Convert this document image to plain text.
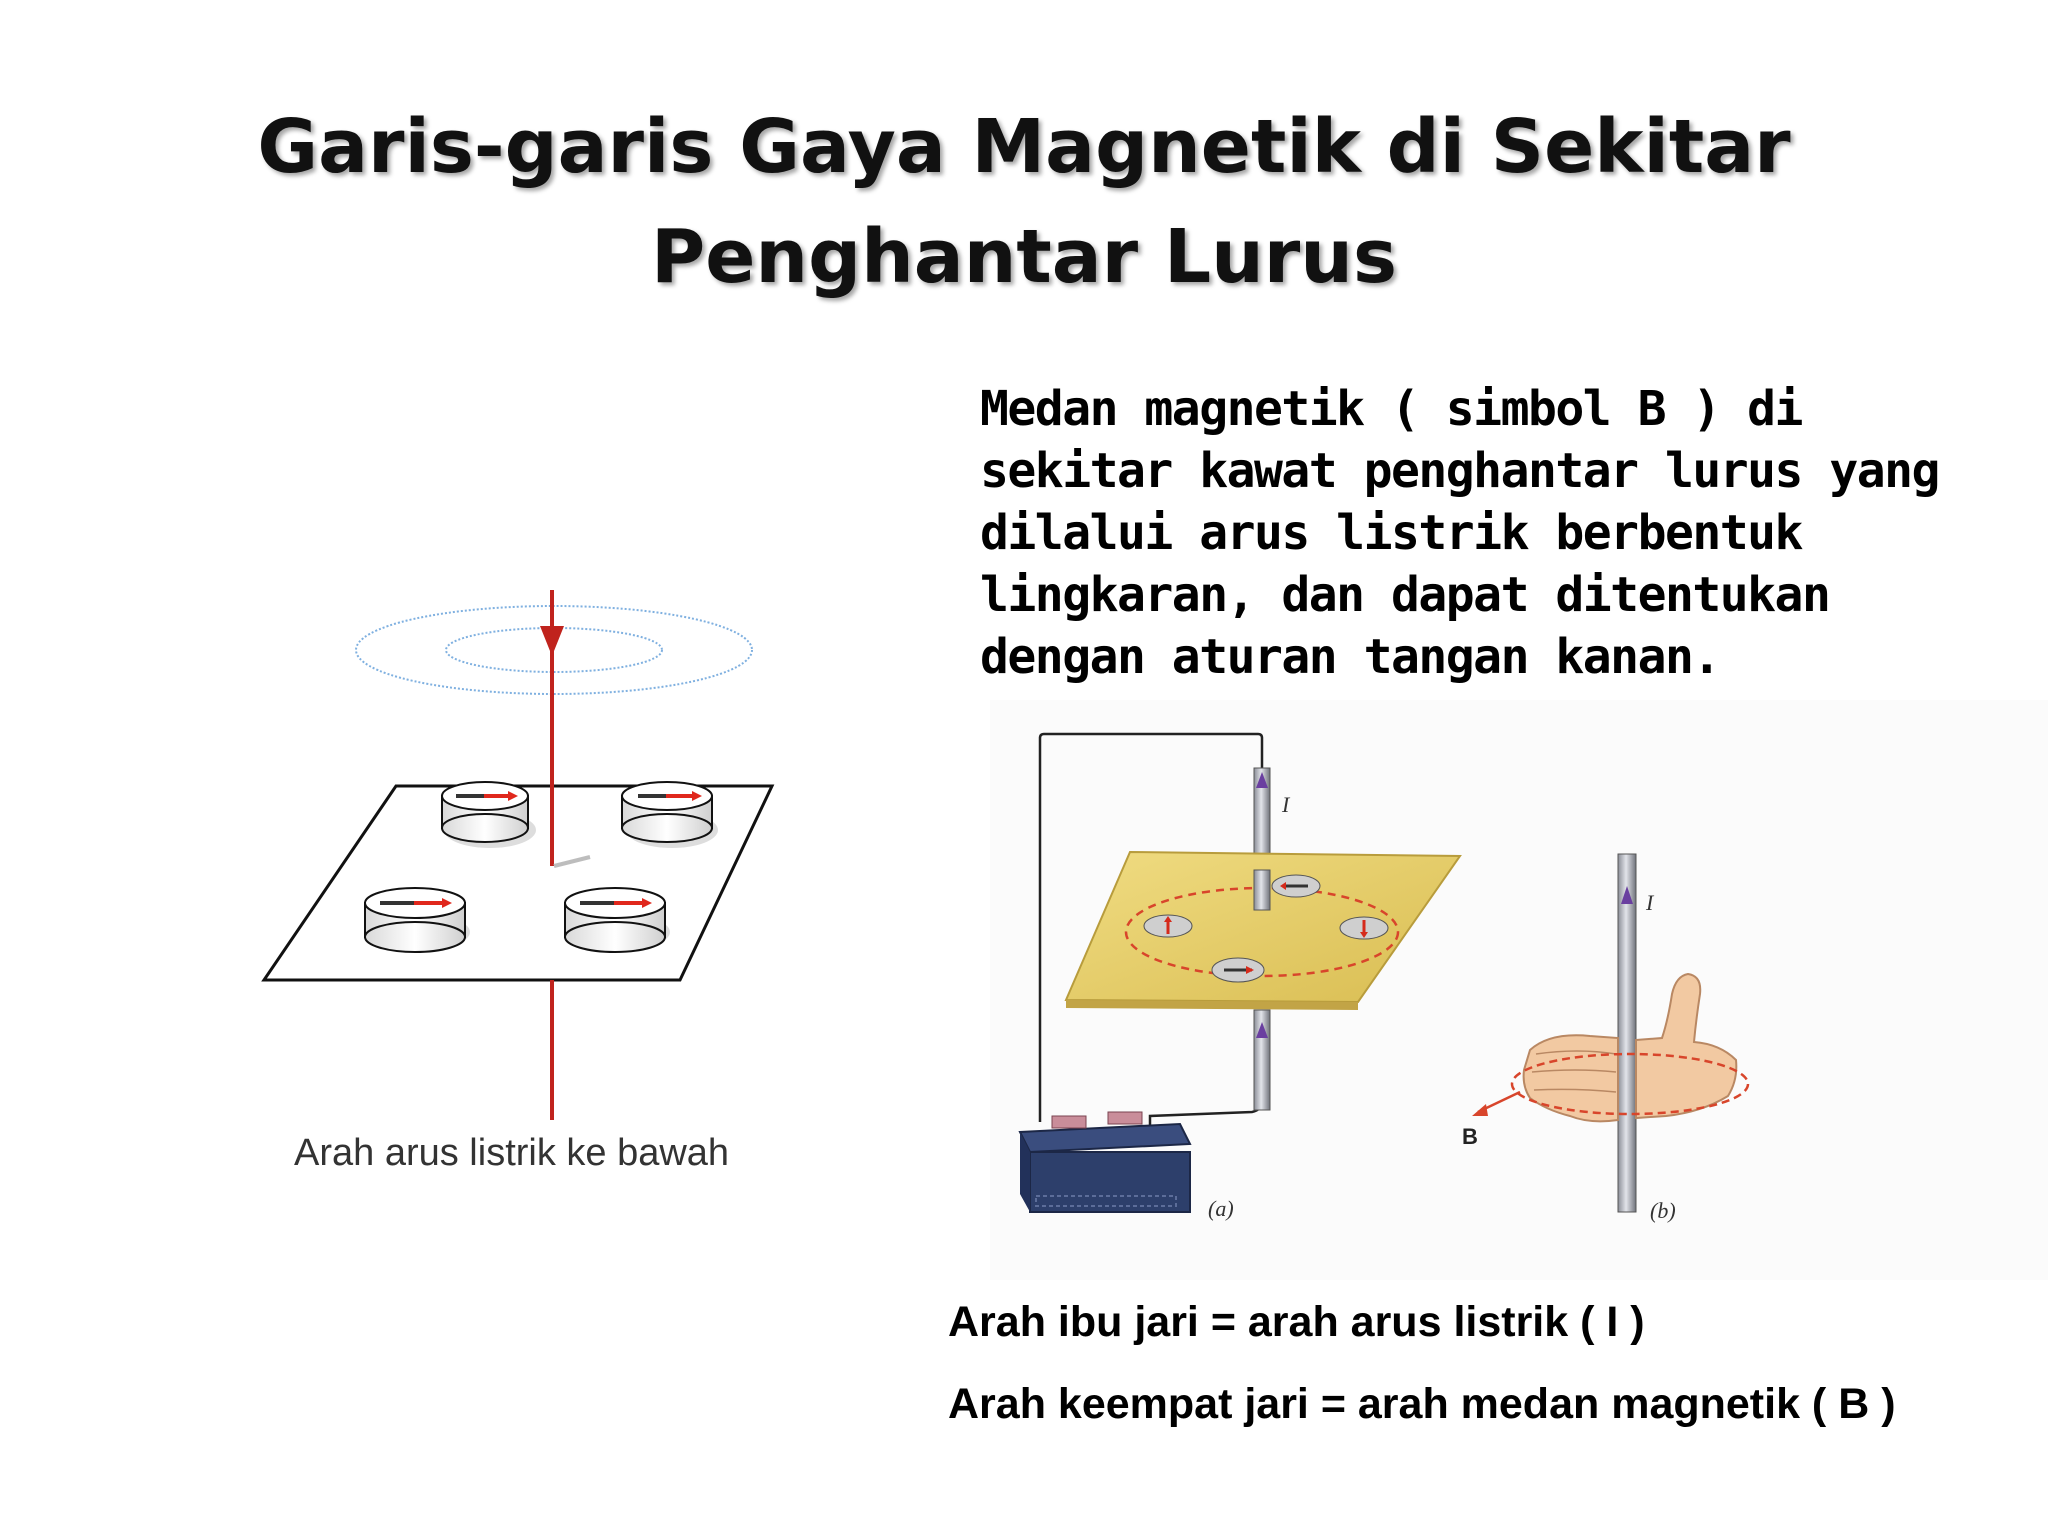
Garis-garis Gaya Magnetik di Sekitar
Penghantar Lurus
Medan magnetik ( simbol B ) di
sekitar kawat penghantar lurus yang
dilalui arus listrik berbentuk
lingkaran, dan dapat ditentukan
dengan aturan tangan kanan.
Arah arus listrik ke bawah
I
(a)
I
B
(b)
Arah ibu jari = arah arus listrik ( I )
Arah keempat jari = arah medan magnetik ( B )
